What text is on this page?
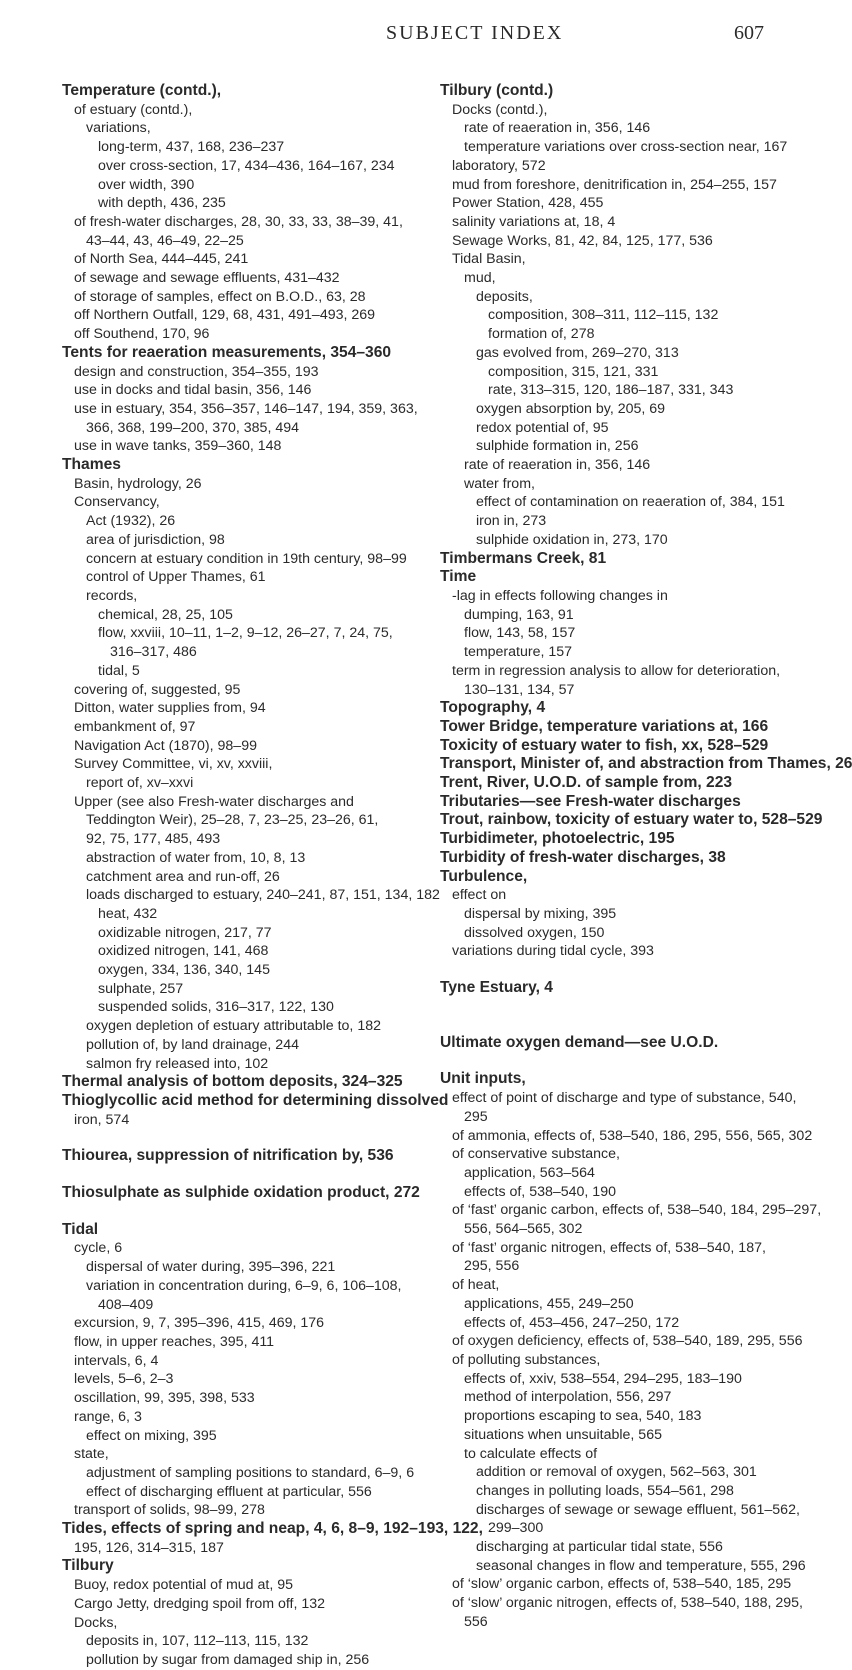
SUBJECT INDEX	607
Temperature (contd.),
of estuary (contd.),
variations,
long-term, 437, 168, 236–237
over cross-section, 17, 434–436, 164–167, 234
over width, 390
with depth, 436, 235
of fresh-water discharges, 28, 30, 33, 33, 38–39, 41,
43–44, 43, 46–49, 22–25
of North Sea, 444–445, 241
of sewage and sewage effluents, 431–432
of storage of samples, effect on B.O.D., 63, 28
off Northern Outfall, 129, 68, 431, 491–493, 269
off Southend, 170, 96
Tents for reaeration measurements, 354–360
design and construction, 354–355, 193
use in docks and tidal basin, 356, 146
use in estuary, 354, 356–357, 146–147, 194, 359, 363,
366, 368, 199–200, 370, 385, 494
use in wave tanks, 359–360, 148
Thames
Basin, hydrology, 26
Conservancy,
Act (1932), 26
area of jurisdiction, 98
concern at estuary condition in 19th century, 98–99
control of Upper Thames, 61
records,
chemical, 28, 25, 105
flow, xxviii, 10–11, 1–2, 9–12, 26–27, 7, 24, 75,
316–317, 486
tidal, 5
covering of, suggested, 95
Ditton, water supplies from, 94
embankment of, 97
Navigation Act (1870), 98–99
Survey Committee, vi, xv, xxviii,
report of, xv–xxvi
Upper (see also Fresh-water discharges and
Teddington Weir), 25–28, 7, 23–25, 23–26, 61,
92, 75, 177, 485, 493
abstraction of water from, 10, 8, 13
catchment area and run-off, 26
loads discharged to estuary, 240–241, 87, 151, 134, 182
heat, 432
oxidizable nitrogen, 217, 77
oxidized nitrogen, 141, 468
oxygen, 334, 136, 340, 145
sulphate, 257
suspended solids, 316–317, 122, 130
oxygen depletion of estuary attributable to, 182
pollution of, by land drainage, 244
salmon fry released into, 102
Thermal analysis of bottom deposits, 324–325
Thioglycollic acid method for determining dissolved
iron, 574
Thiourea, suppression of nitrification by, 536
Thiosulphate as sulphide oxidation product, 272
Tidal
cycle, 6
dispersal of water during, 395–396, 221
variation in concentration during, 6–9, 6, 106–108,
408–409
excursion, 9, 7, 395–396, 415, 469, 176
flow, in upper reaches, 395, 411
intervals, 6, 4
levels, 5–6, 2–3
oscillation, 99, 395, 398, 533
range, 6, 3
effect on mixing, 395
state,
adjustment of sampling positions to standard, 6–9, 6
effect of discharging effluent at particular, 556
transport of solids, 98–99, 278
Tides, effects of spring and neap, 4, 6, 8–9, 192–193, 122,
195, 126, 314–315, 187
Tilbury
Buoy, redox potential of mud at, 95
Cargo Jetty, dredging spoil from off, 132
Docks,
deposits in, 107, 112–113, 115, 132
pollution by sugar from damaged ship in, 256
Tilbury (contd.)
Docks (contd.),
rate of reaeration in, 356, 146
temperature variations over cross-section near, 167
laboratory, 572
mud from foreshore, denitrification in, 254–255, 157
Power Station, 428, 455
salinity variations at, 18, 4
Sewage Works, 81, 42, 84, 125, 177, 536
Tidal Basin,
mud,
deposits,
composition, 308–311, 112–115, 132
formation of, 278
gas evolved from, 269–270, 313
composition, 315, 121, 331
rate, 313–315, 120, 186–187, 331, 343
oxygen absorption by, 205, 69
redox potential of, 95
sulphide formation in, 256
rate of reaeration in, 356, 146
water from,
effect of contamination on reaeration of, 384, 151
iron in, 273
sulphide oxidation in, 273, 170
Timbermans Creek, 81
Time
-lag in effects following changes in
dumping, 163, 91
flow, 143, 58, 157
temperature, 157
term in regression analysis to allow for deterioration,
130–131, 134, 57
Topography, 4
Tower Bridge, temperature variations at, 166
Toxicity of estuary water to fish, xx, 528–529
Transport, Minister of, and abstraction from Thames, 26
Trent, River, U.O.D. of sample from, 223
Tributaries—see Fresh-water discharges
Trout, rainbow, toxicity of estuary water to, 528–529
Turbidimeter, photoelectric, 195
Turbidity of fresh-water discharges, 38
Turbulence,
effect on
dispersal by mixing, 395
dissolved oxygen, 150
variations during tidal cycle, 393
Tyne Estuary, 4
Ultimate oxygen demand—see U.O.D.
Unit inputs,
effect of point of discharge and type of substance, 540,
295
of ammonia, effects of, 538–540, 186, 295, 556, 565, 302
of conservative substance,
application, 563–564
effects of, 538–540, 190
of ‘fast’ organic carbon, effects of, 538–540, 184, 295–297,
556, 564–565, 302
of ‘fast’ organic nitrogen, effects of, 538–540, 187,
295, 556
of heat,
applications, 455, 249–250
effects of, 453–456, 247–250, 172
of oxygen deficiency, effects of, 538–540, 189, 295, 556
of polluting substances,
effects of, xxiv, 538–554, 294–295, 183–190
method of interpolation, 556, 297
proportions escaping to sea, 540, 183
situations when unsuitable, 565
to calculate effects of
addition or removal of oxygen, 562–563, 301
changes in polluting loads, 554–561, 298
discharges of sewage or sewage effluent, 561–562,
299–300
discharging at particular tidal state, 556
seasonal changes in flow and temperature, 555, 296
of ‘slow’ organic carbon, effects of, 538–540, 185, 295
of ‘slow’ organic nitrogen, effects of, 538–540, 188, 295,
556
